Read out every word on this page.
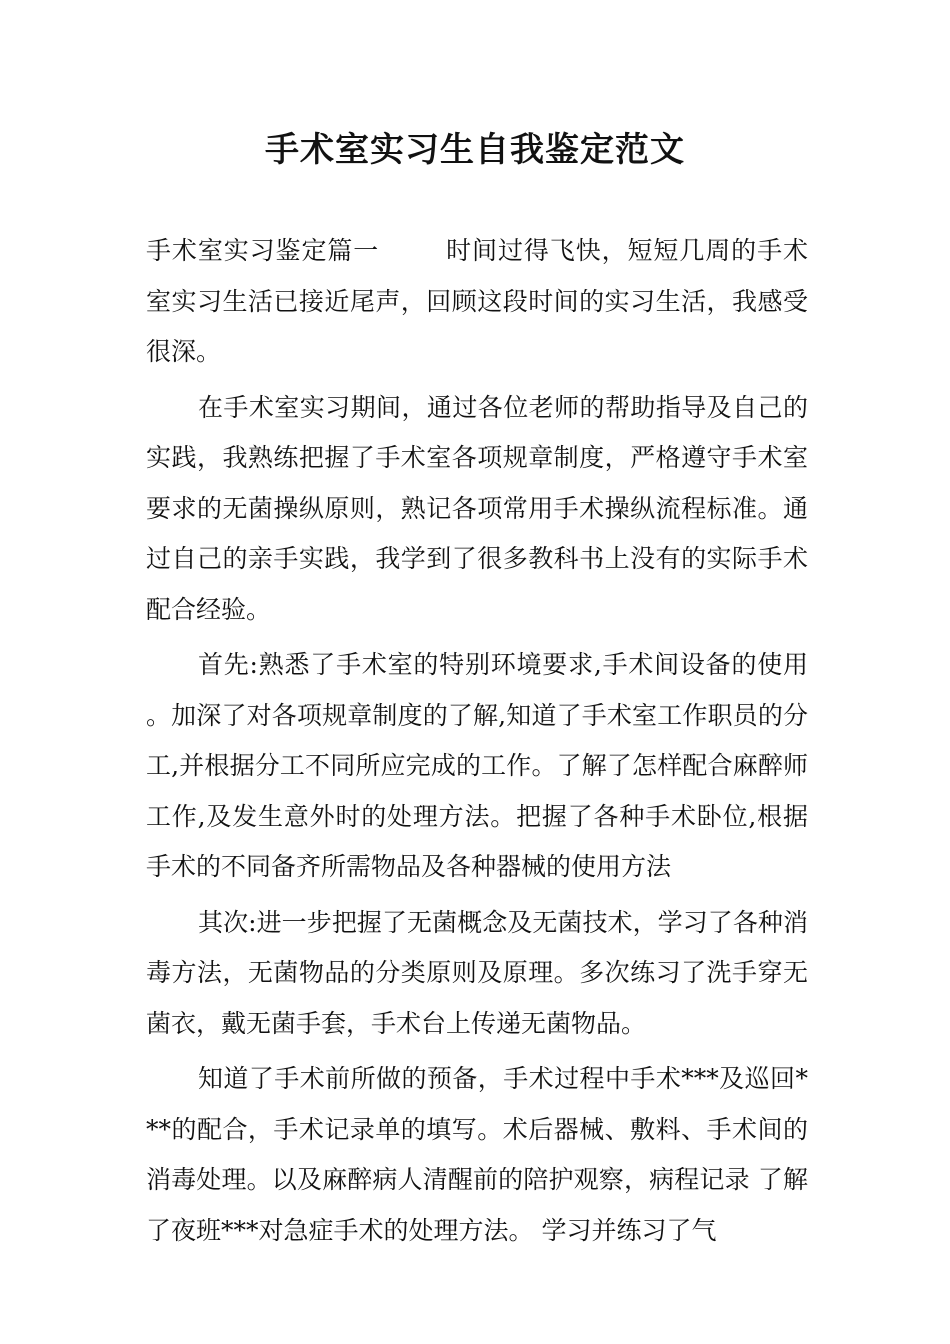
手术室实习生自我鉴定范文

手术室实习鉴定篇一	时间过得飞快，短短几周的手术室实习生活已接近尾声，回顾这段时间的实习生活，我感受很深。

在手术室实习期间，通过各位老师的帮助指导及自己的实践，我熟练把握了手术室各项规章制度，严格遵守手术室要求的无菌操纵原则，熟记各项常用手术操纵流程标准。通过自己的亲手实践，我学到了很多教科书上没有的实际手术配合经验。

首先:熟悉了手术室的特别环境要求,手术间设备的使用。加深了对各项规章制度的了解,知道了手术室工作职员的分工,并根据分工不同所应完成的工作。了解了怎样配合麻醉师工作,及发生意外时的处理方法。把握了各种手术卧位,根据手术的不同备齐所需物品及各种器械的使用方法

其次:进一步把握了无菌概念及无菌技术，学习了各种消毒方法，无菌物品的分类原则及原理。多次练习了洗手穿无菌衣，戴无菌手套，手术台上传递无菌物品。

知道了手术前所做的预备，手术过程中手术***及巡回***的配合，手术记录单的填写。术后器械、敷料、手术间的消毒处理。以及麻醉病人清醒前的陪护观察，病程记录 了解了夜班***对急症手术的处理方法。 学习并练习了气
